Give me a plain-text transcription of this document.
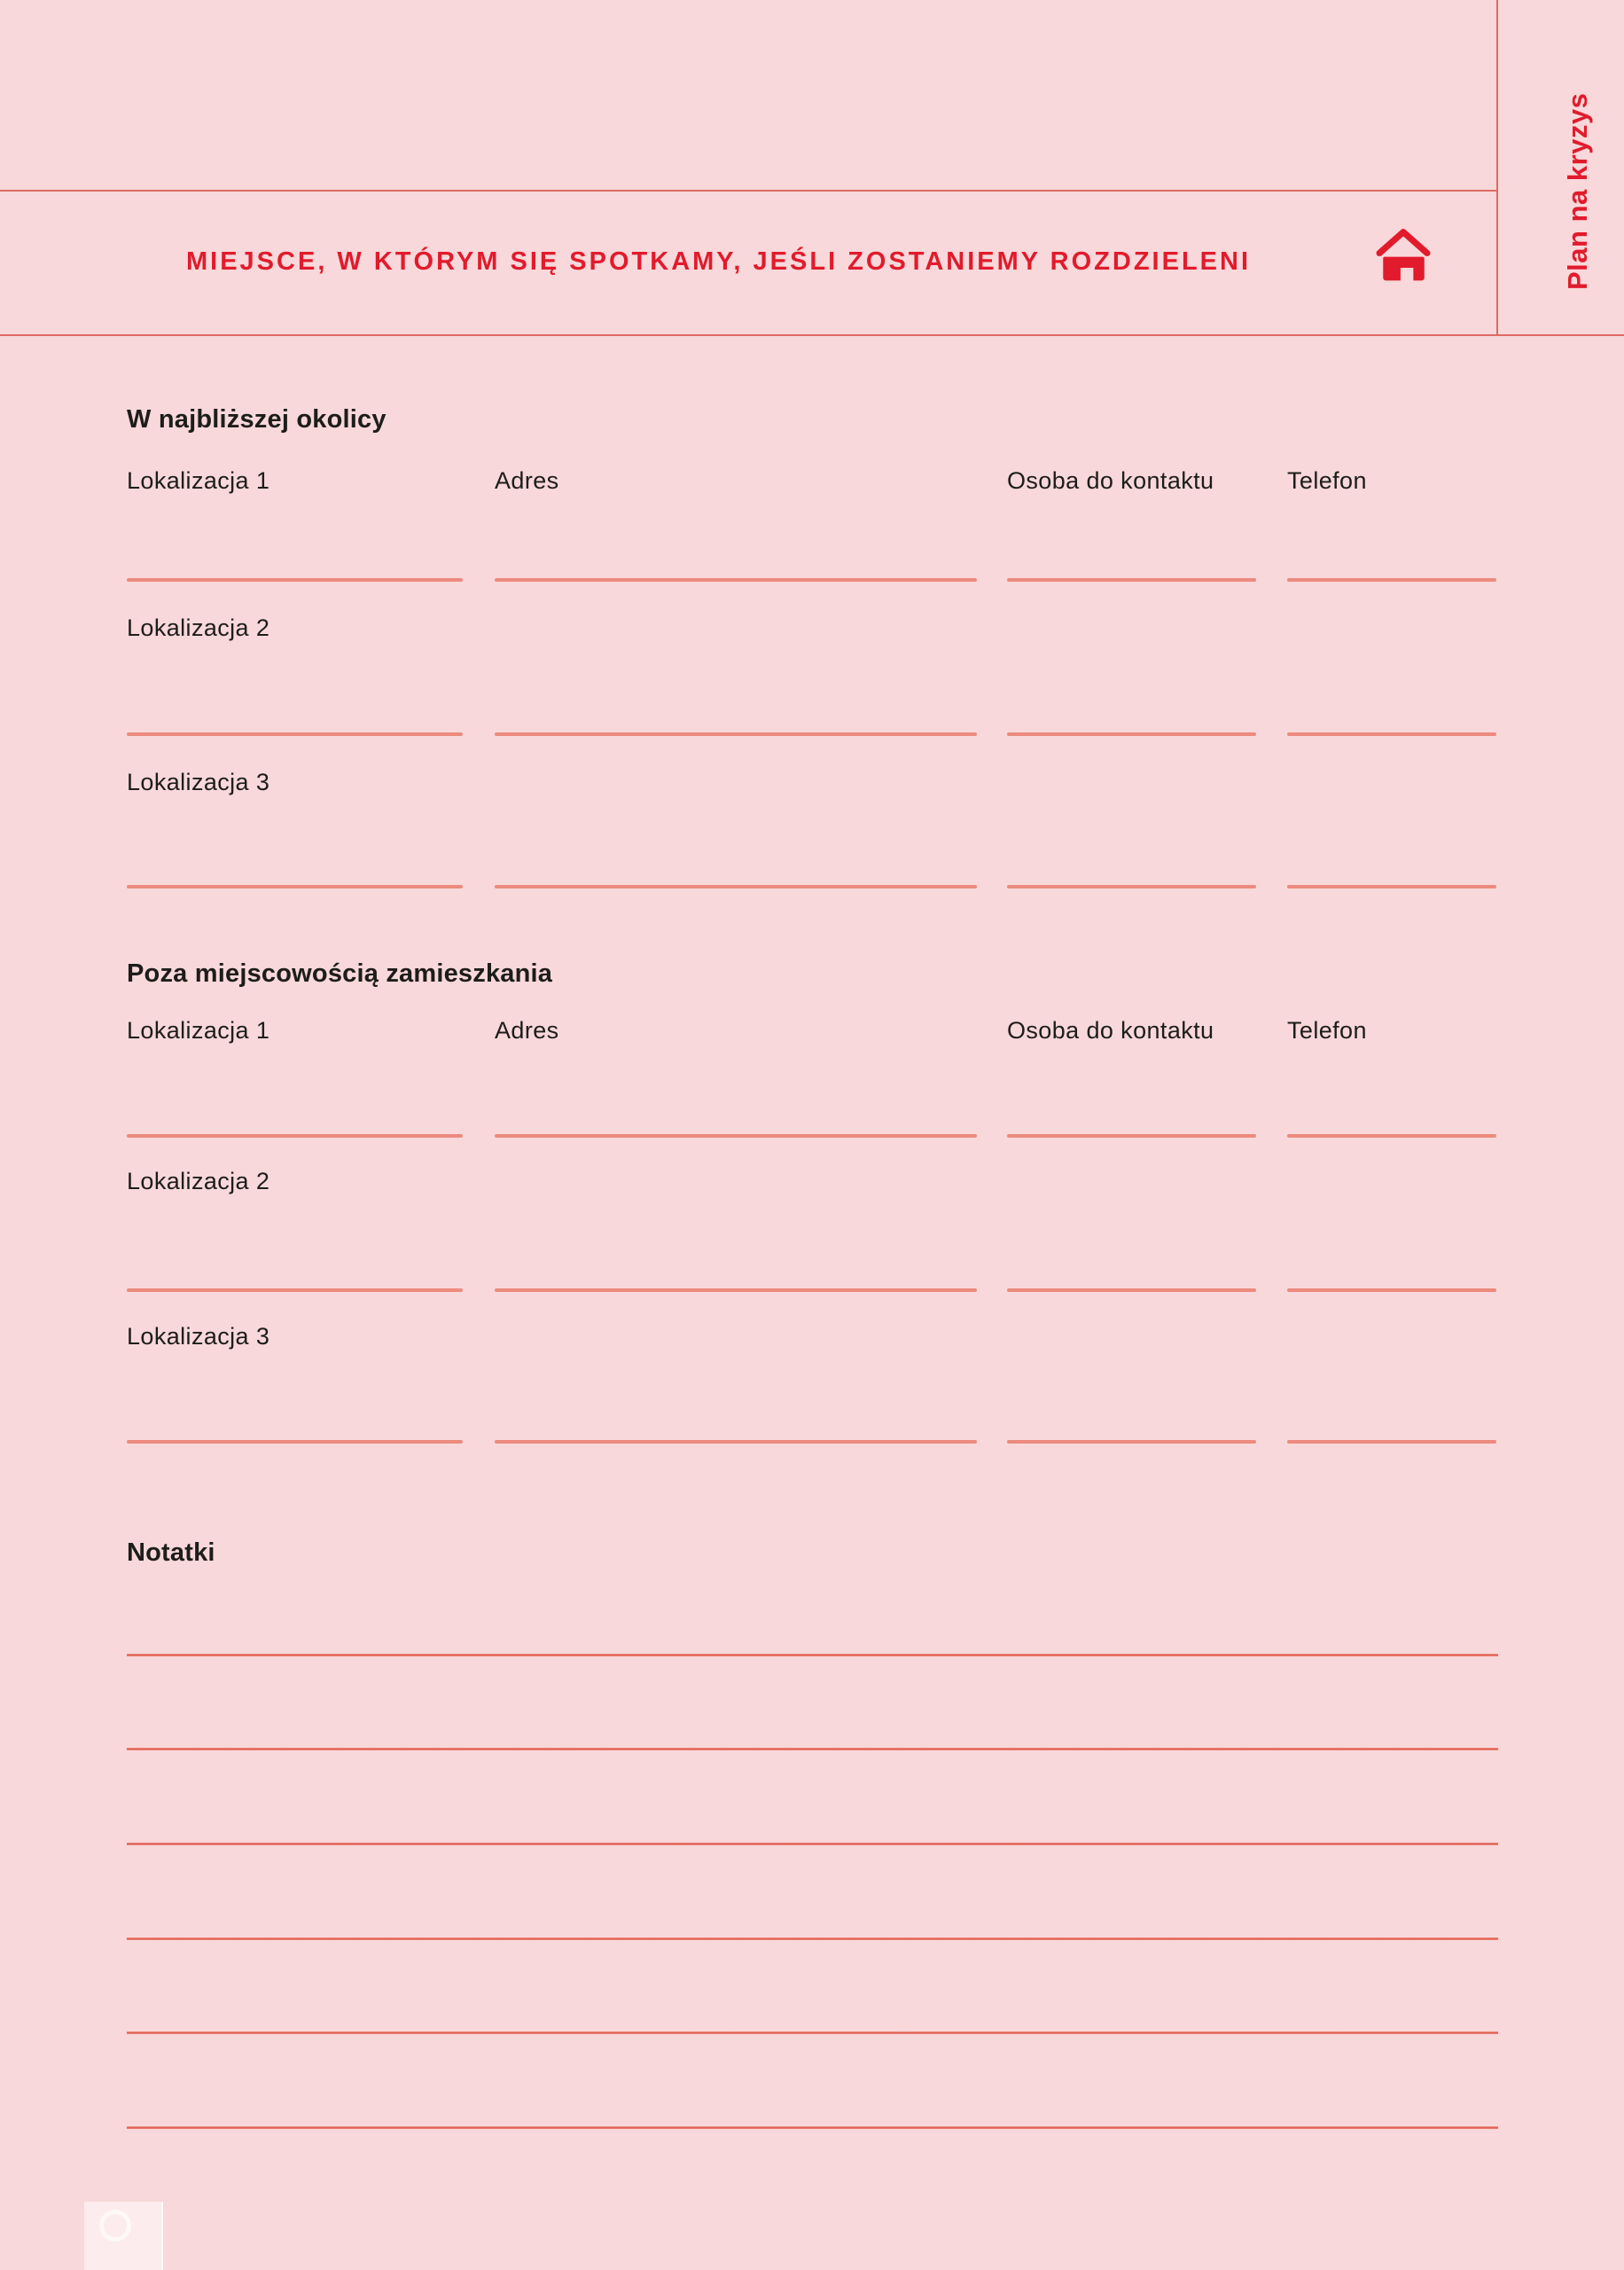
MIEJSCE, W KTÓRYM SIĘ SPOTKAMY, JEŚLI ZOSTANIEMY ROZDZIELENI	Plan na kryzys
W najbliższej okolicy
Lokalizacja 1	Adres	Osoba do kontaktu	Telefon
Lokalizacja 2
Lokalizacja 3
Poza miejscowością zamieszkania
Lokalizacja 1	Adres	Osoba do kontaktu	Telefon
Lokalizacja 2
Lokalizacja 3
Notatki
